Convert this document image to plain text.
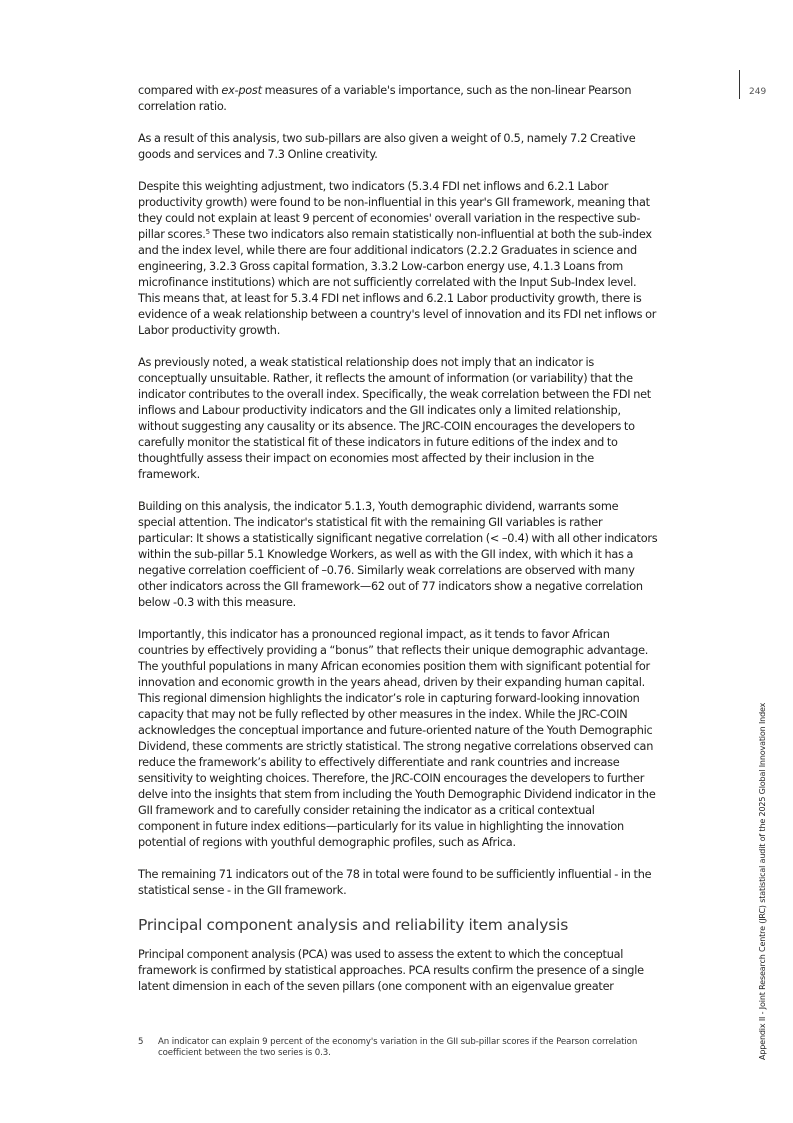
249

compared with ex-post measures of a variable's importance, such as the non-linear Pearson correlation ratio.

As a result of this analysis, two sub-pillars are also given a weight of 0.5, namely 7.2 Creative goods and services and 7.3 Online creativity.

Despite this weighting adjustment, two indicators (5.3.4 FDI net inflows and 6.2.1 Labor productivity growth) were found to be non-influential in this year's GII framework, meaning that they could not explain at least 9 percent of economies' overall variation in the respective sub-pillar scores.$^5$ These two indicators also remain statistically non-influential at both the sub-index and the index level, while there are four additional indicators (2.2.2 Graduates in science and engineering, 3.2.3 Gross capital formation, 3.3.2 Low-carbon energy use, 4.1.3 Loans from microfinance institutions) which are not sufficiently correlated with the Input Sub-Index level. This means that, at least for 5.3.4 FDI net inflows and 6.2.1 Labor productivity growth, there is evidence of a weak relationship between a country's level of innovation and its FDI net inflows or Labor productivity growth.

As previously noted, a weak statistical relationship does not imply that an indicator is conceptually unsuitable. Rather, it reflects the amount of information (or variability) that the indicator contributes to the overall index. Specifically, the weak correlation between the FDI net inflows and Labour productivity indicators and the GII indicates only a limited relationship, without suggesting any causality or its absence. The JRC-COIN encourages the developers to carefully monitor the statistical fit of these indicators in future editions of the index and to thoughtfully assess their impact on economies most affected by their inclusion in the framework.

Building on this analysis, the indicator 5.1.3, Youth demographic dividend, warrants some special attention. The indicator's statistical fit with the remaining GII variables is rather particular: It shows a statistically significant negative correlation (< –0.4) with all other indicators within the sub-pillar 5.1 Knowledge Workers, as well as with the GII index, with which it has a negative correlation coefficient of –0.76. Similarly weak correlations are observed with many other indicators across the GII framework—62 out of 77 indicators show a negative correlation below -0.3 with this measure.

Importantly, this indicator has a pronounced regional impact, as it tends to favor African countries by effectively providing a “bonus” that reflects their unique demographic advantage. The youthful populations in many African economies position them with significant potential for innovation and economic growth in the years ahead, driven by their expanding human capital. This regional dimension highlights the indicator’s role in capturing forward-looking innovation capacity that may not be fully reflected by other measures in the index. While the JRC-COIN acknowledges the conceptual importance and future-oriented nature of the Youth Demographic Dividend, these comments are strictly statistical. The strong negative correlations observed can reduce the framework’s ability to effectively differentiate and rank countries and increase sensitivity to weighting choices. Therefore, the JRC-COIN encourages the developers to further delve into the insights that stem from including the Youth Demographic Dividend indicator in the GII framework and to carefully consider retaining the indicator as a critical contextual component in future index editions—particularly for its value in highlighting the innovation potential of regions with youthful demographic profiles, such as Africa.

The remaining 71 indicators out of the 78 in total were found to be sufficiently influential - in the statistical sense - in the GII framework.

Principal component analysis and reliability item analysis

Principal component analysis (PCA) was used to assess the extent to which the conceptual framework is confirmed by statistical approaches. PCA results confirm the presence of a single latent dimension in each of the seven pillars (one component with an eigenvalue greater

5	An indicator can explain 9 percent of the economy's variation in the GII sub-pillar scores if the Pearson correlation coefficient between the two series is 0.3.	Appendix II - Joint Research Centre (JRC) statistical audit of the 2025 Global Innovation Index
